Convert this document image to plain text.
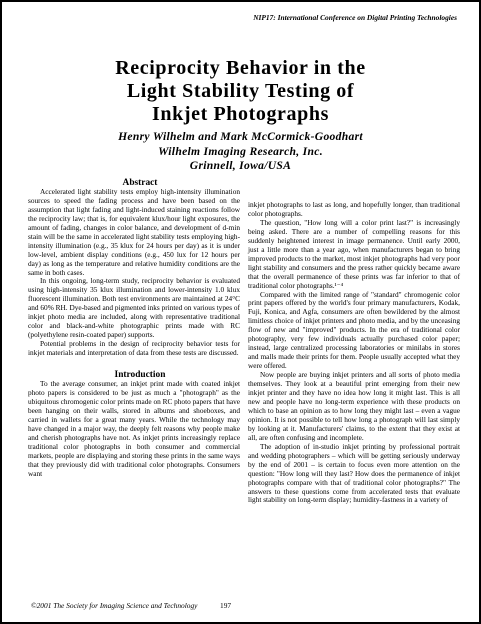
NIP17: International Conference on Digital Printing Technologies
Reciprocity Behavior in the
Light Stability Testing of
Inkjet Photographs
Henry Wilhelm and Mark McCormick-Goodhart
Wilhelm Imaging Research, Inc.
Grinnell, Iowa/USA

Abstract

Accelerated light stability tests employ high-intensity illumination sources to speed the fading process and have been based on the assumption that light fading and light-induced staining reactions follow the reciprocity law; that is, for equivalent klux/hour light exposures, the amount of fading, changes in color balance, and development of d-min stain will be the same in accelerated light stability tests employing high-intensity illumination (e.g., 35 klux for 24 hours per day) as it is under low-level, ambient display conditions (e.g., 450 lux for 12 hours per day) as long as the temperature and relative humidity conditions are the same in both cases.

In this ongoing, long-term study, reciprocity behavior is evaluated using high-intensity 35 klux illumination and lower-intensity 1.0 klux fluorescent illumination. Both test environments are maintained at 24°C and 60% RH. Dye-based and pigmented inks printed on various types of inkjet photo media are included, along with representative traditional color and black-and-white photographic prints made with RC (polyethylene resin-coated paper) supports.

Potential problems in the design of reciprocity behavior tests for inkjet materials and interpretation of data from these tests are discussed.

Introduction

To the average consumer, an inkjet print made with coated inkjet photo papers is considered to be just as much a "photograph" as the ubiquitous chromogenic color prints made on RC photo papers that have been hanging on their walls, stored in albums and shoeboxes, and carried in wallets for a great many years. While the technology may have changed in a major way, the deeply felt reasons why people make and cherish photographs have not. As inkjet prints increasingly replace traditional color photographs in both consumer and commercial markets, people are displaying and storing these prints in the same ways that they previously did with traditional color photographs. Consumers want

inkjet photographs to last as long, and hopefully longer, than traditional color photographs.

The question, "How long will a color print last?" is increasingly being asked. There are a number of compelling reasons for this suddenly heightened interest in image permanence. Until early 2000, just a little more than a year ago, when manufacturers began to bring improved products to the market, most inkjet photographs had very poor light stability and consumers and the press rather quickly became aware that the overall permanence of these prints was far inferior to that of traditional color photographs.¹⁻⁴

Compared with the limited range of "standard" chromogenic color print papers offered by the world's four primary manufacturers, Kodak, Fuji, Konica, and Agfa, consumers are often bewildered by the almost limitless choice of inkjet printers and photo media, and by the unceasing flow of new and "improved" products. In the era of traditional color photography, very few individuals actually purchased color paper; instead, large centralized processing laboratories or minilabs in stores and malls made their prints for them. People usually accepted what they were offered.

Now people are buying inkjet printers and all sorts of photo media themselves. They look at a beautiful print emerging from their new inkjet printer and they have no idea how long it might last. This is all new and people have no long-term experience with these products on which to base an opinion as to how long they might last – even a vague opinion. It is not possible to tell how long a photograph will last simply by looking at it. Manufacturers' claims, to the extent that they exist at all, are often confusing and incomplete.

The adoption of in-studio inkjet printing by professional portrait and wedding photographers – which will be getting seriously underway by the end of 2001 – is certain to focus even more attention on the question: "How long will they last? How does the permanence of inkjet photographs compare with that of traditional color photographs?" The answers to these questions come from accelerated tests that evaluate light stability on long-term display; humidity-fastness in a variety of

©2001 The Society for Imaging Science and Technology	197
